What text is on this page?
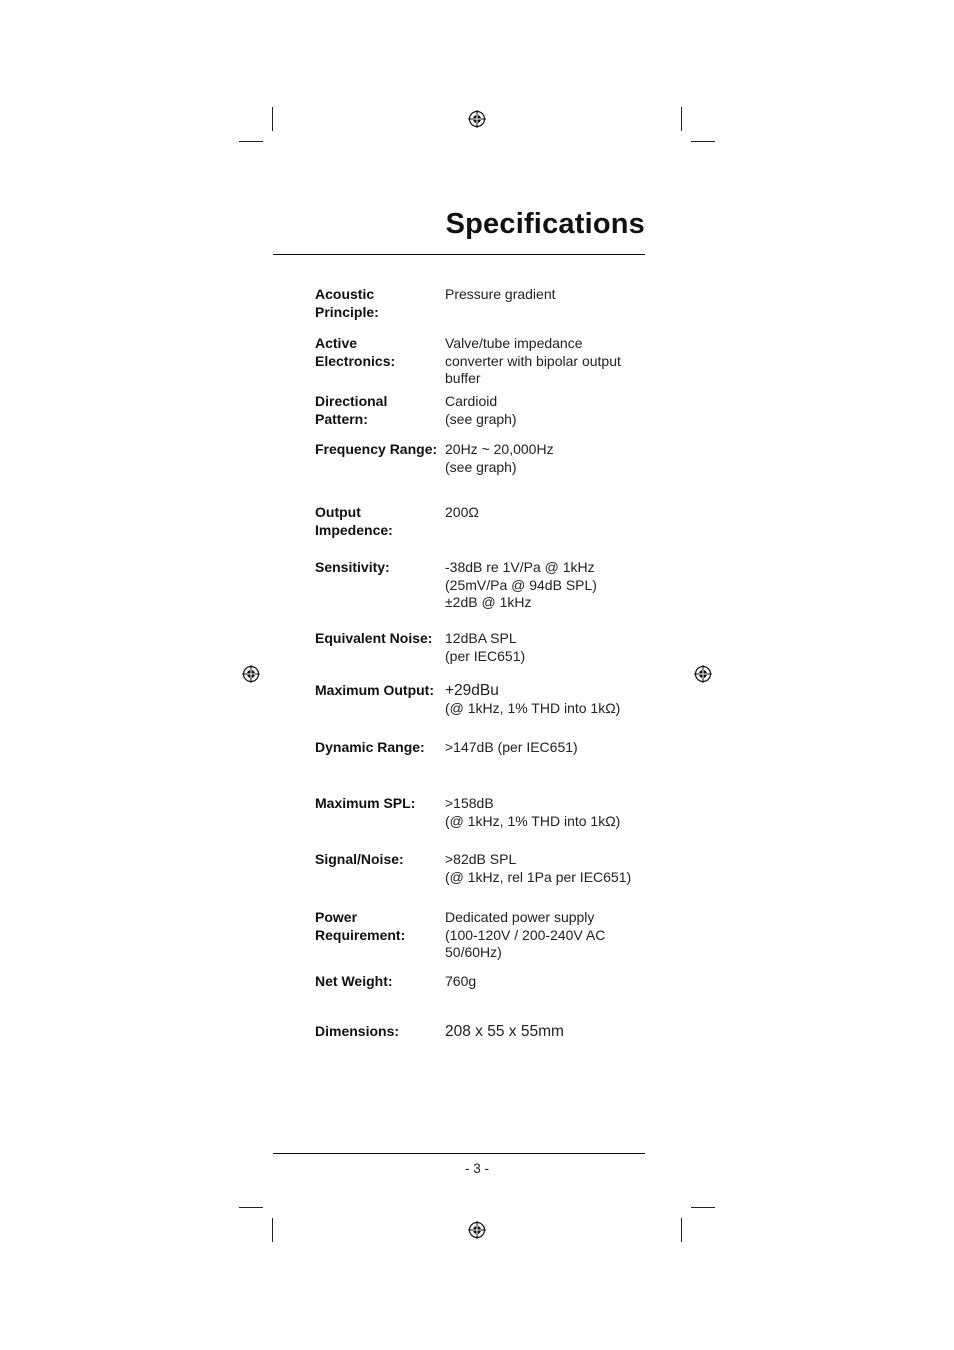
Specifications
Acoustic Principle:
Pressure gradient
Active Electronics:
Valve/tube impedance
converter with bipolar output
buffer
Directional Pattern:
Cardioid
(see graph)
Frequency Range: 20Hz ~ 20,000Hz
(see graph)
Output Impedence:
200Ω
Sensitivity:	-38dB re 1V/Pa @ 1kHz
(25mV/Pa @ 94dB SPL)
±2dB @ 1kHz
Equivalent Noise: 12dBA SPL
(per IEC651)
Maximum Output: +29dBu
(@ 1kHz, 1% THD into 1kΩ)
Dynamic Range:	>147dB (per IEC651)
Maximum SPL:	>158dB
(@ 1kHz, 1% THD into 1kΩ)
Signal/Noise:	>82dB SPL
(@ 1kHz, rel 1Pa per IEC651)
Power Requirement:
Dedicated power supply
(100-120V / 200-240V AC
50/60Hz)
Net Weight:	760g
Dimensions:	208 x 55 x 55mm
- 3 -
